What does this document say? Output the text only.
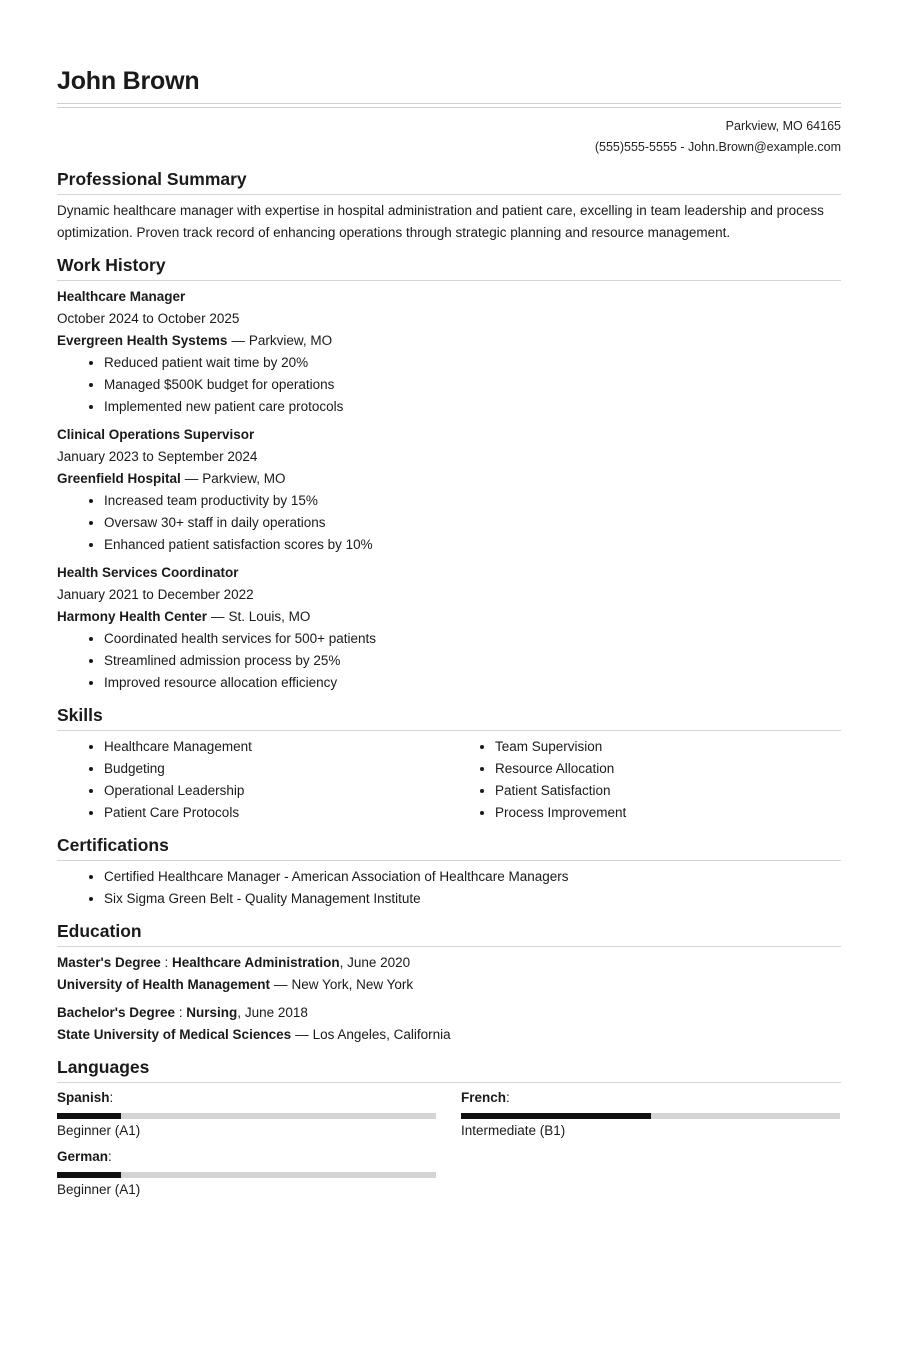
John Brown
Parkview, MO 64165
(555)555-5555 - John.Brown@example.com
Professional Summary
Dynamic healthcare manager with expertise in hospital administration and patient care, excelling in team leadership and process optimization. Proven track record of enhancing operations through strategic planning and resource management.
Work History
Healthcare Manager
October 2024 to October 2025
Evergreen Health Systems — Parkview, MO
• Reduced patient wait time by 20%
• Managed $500K budget for operations
• Implemented new patient care protocols
Clinical Operations Supervisor
January 2023 to September 2024
Greenfield Hospital — Parkview, MO
• Increased team productivity by 15%
• Oversaw 30+ staff in daily operations
• Enhanced patient satisfaction scores by 10%
Health Services Coordinator
January 2021 to December 2022
Harmony Health Center — St. Louis, MO
• Coordinated health services for 500+ patients
• Streamlined admission process by 25%
• Improved resource allocation efficiency
Skills
• Healthcare Management
• Budgeting
• Operational Leadership
• Patient Care Protocols
• Team Supervision
• Resource Allocation
• Patient Satisfaction
• Process Improvement
Certifications
• Certified Healthcare Manager - American Association of Healthcare Managers
• Six Sigma Green Belt - Quality Management Institute
Education
Master's Degree : Healthcare Administration, June 2020
University of Health Management — New York, New York
Bachelor's Degree : Nursing, June 2018
State University of Medical Sciences — Los Angeles, California
Languages
Spanish:
Beginner (A1)
French:
Intermediate (B1)
German:
Beginner (A1)
